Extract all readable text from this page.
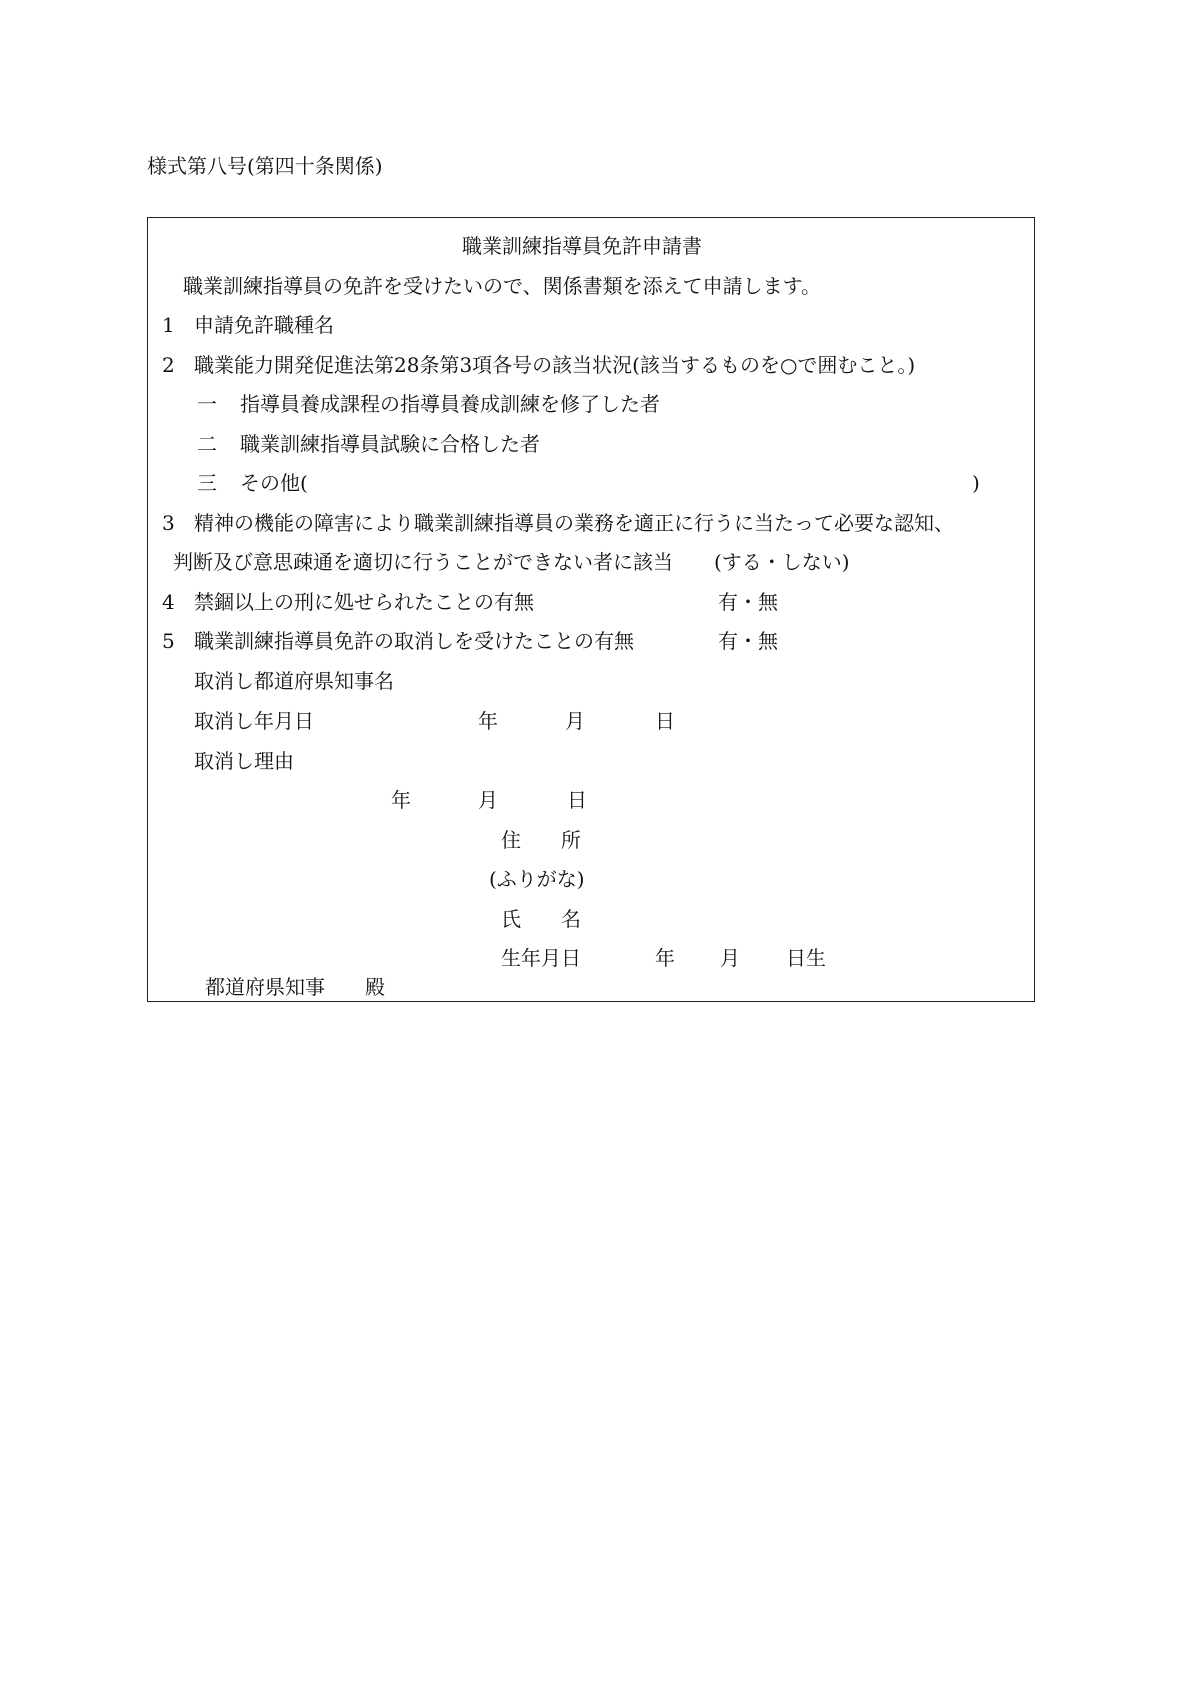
様式第八号(第四十条関係)
職業訓練指導員免許申請書
職業訓練指導員の免許を受けたいので、関係書類を添えて申請します。
1 申請免許職種名
2 職業能力開発促進法第28条第3項各号の該当状況(該当するものを○で囲むこと。)
一 指導員養成課程の指導員養成訓練を修了した者
二 職業訓練指導員試験に合格した者
三 その他(	)
3 精神の機能の障害により職業訓練指導員の業務を適正に行うに当たって必要な認知、
判断及び意思疎通を適切に行うことができない者に該当 (する・しない)
4 禁錮以上の刑に処せられたことの有無	有・無
5 職業訓練指導員免許の取消しを受けたことの有無	有・無
取消し都道府県知事名
取消し年月日	年	月	日
取消し理由
年	月	日
住　　所
(ふりがな)
氏　　名
生年月日	年 月 日生
都道府県知事　　殿
